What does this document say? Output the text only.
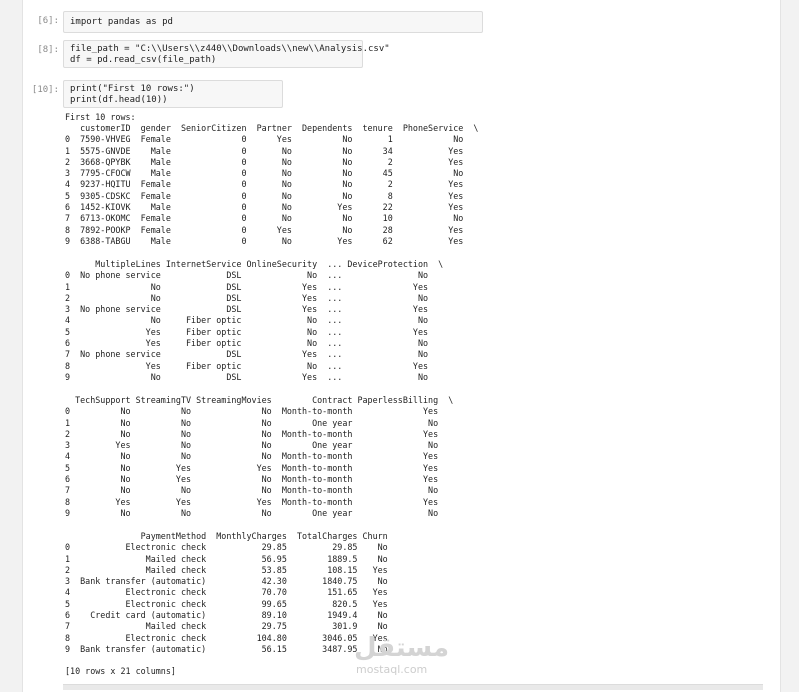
[6]:	import pandas as pd
[8]:	file_path = "C:\\Users\\z440\\Downloads\\new\\Analysis.csv"
df = pd.read_csv(file_path)
[10]:	print("First 10 rows:")
print(df.head(10))
First 10 rows:
customerID  gender  SeniorCitizen  Partner  Dependents  tenure  PhoneService  \
0  7590-VHVEG  Female              0      Yes          No       1            No
1  5575-GNVDE    Male              0       No          No      34           Yes
2  3668-QPYBK    Male              0       No          No       2           Yes
3  7795-CFOCW    Male              0       No          No      45            No
4  9237-HQITU  Female              0       No          No       2           Yes
5  9305-CDSKC  Female              0       No          No       8           Yes
6  1452-KIOVK    Male              0       No         Yes      22           Yes
7  6713-OKOMC  Female              0       No          No      10            No
8  7892-POOKP  Female              0      Yes          No      28           Yes
9  6388-TABGU    Male              0       No         Yes      62           Yes
MultipleLines InternetService OnlineSecurity  ... DeviceProtection  \
0  No phone service             DSL             No  ...               No
1                No             DSL            Yes  ...              Yes
2                No             DSL            Yes  ...               No
3  No phone service             DSL            Yes  ...              Yes
4                No     Fiber optic             No  ...               No
5               Yes     Fiber optic             No  ...              Yes
6               Yes     Fiber optic             No  ...               No
7  No phone service             DSL            Yes  ...               No
8               Yes     Fiber optic             No  ...              Yes
9                No             DSL            Yes  ...               No
TechSupport StreamingTV StreamingMovies        Contract PaperlessBilling  \
0          No          No              No  Month-to-month              Yes
1          No          No              No        One year               No
2          No          No              No  Month-to-month              Yes
3         Yes          No              No        One year               No
4          No          No              No  Month-to-month              Yes
5          No         Yes             Yes  Month-to-month              Yes
6          No         Yes              No  Month-to-month              Yes
7          No          No              No  Month-to-month               No
8         Yes         Yes             Yes  Month-to-month              Yes
9          No          No              No        One year               No
PaymentMethod  MonthlyCharges  TotalCharges Churn
0           Electronic check           29.85         29.85    No
1               Mailed check           56.95        1889.5    No
2               Mailed check           53.85        108.15   Yes
3  Bank transfer (automatic)           42.30       1840.75    No
4           Electronic check           70.70        151.65   Yes
5           Electronic check           99.65         820.5   Yes
6    Credit card (automatic)           89.10        1949.4    No
7               Mailed check           29.75         301.9    No
8           Electronic check          104.80       3046.05   Yes
9  Bank transfer (automatic)           56.15       3487.95    No
[10 rows x 21 columns]
مستقل
mostaql.com
